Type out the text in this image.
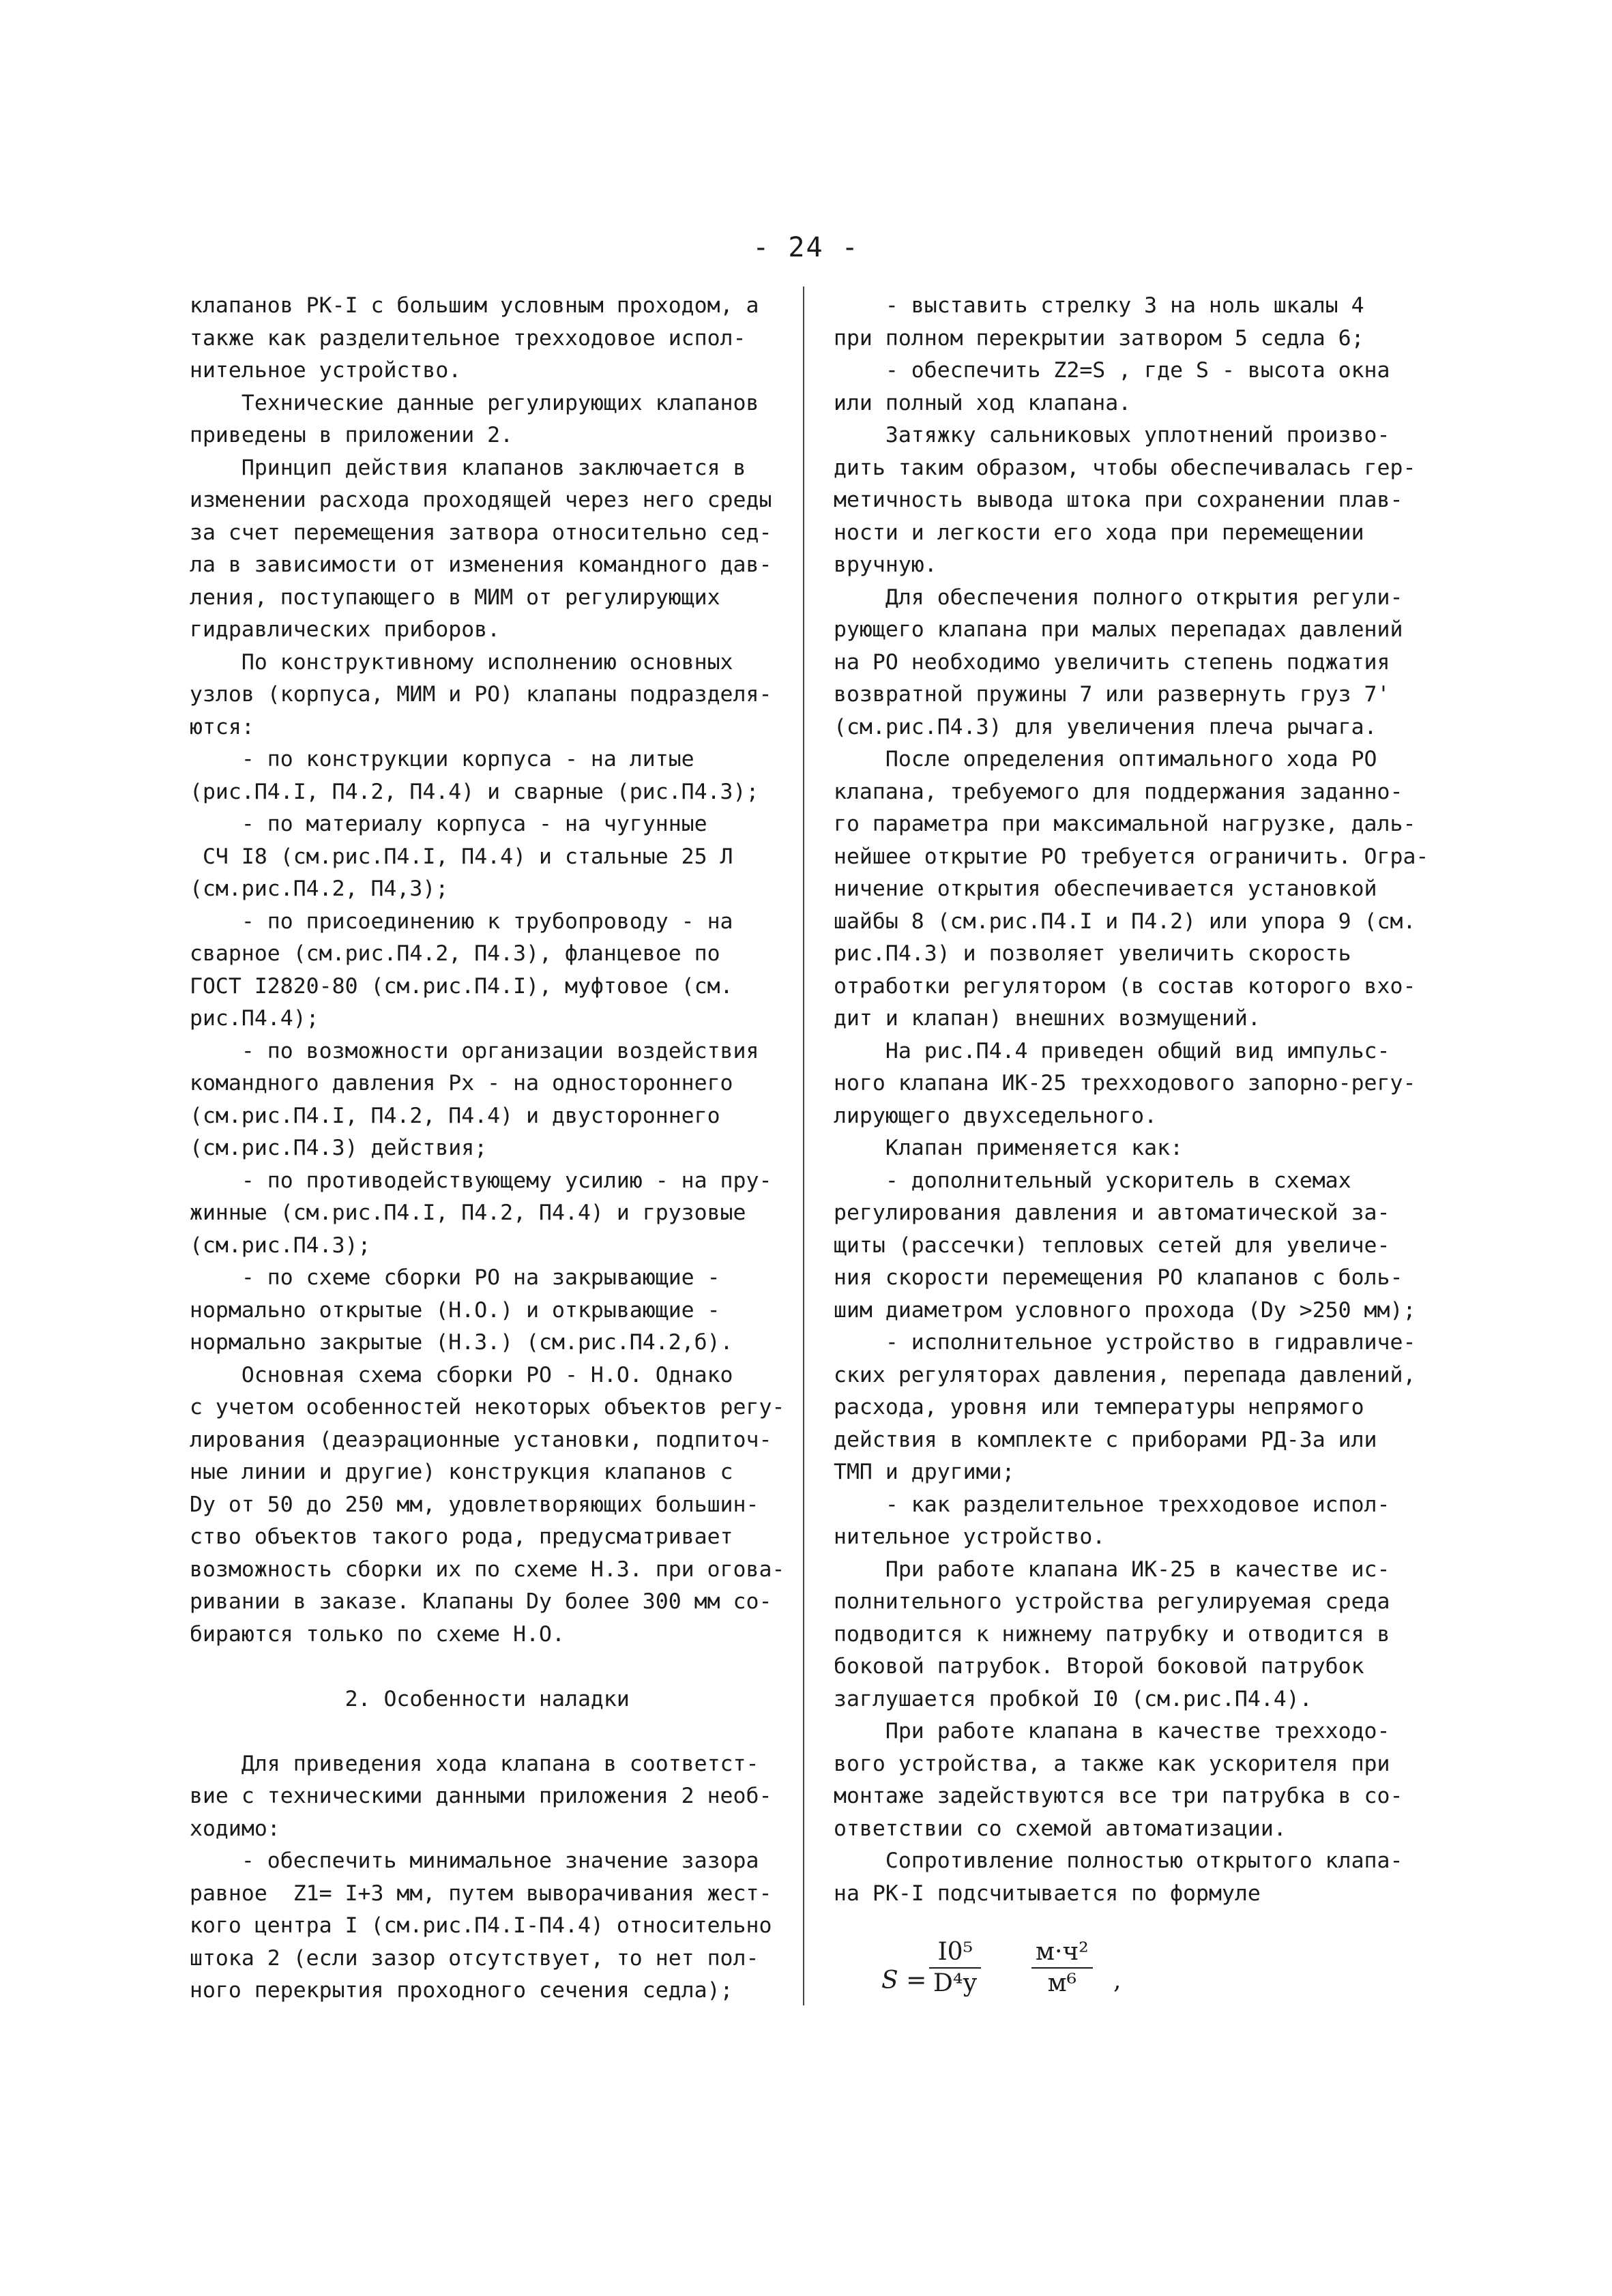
- 24 -
клапанов РК-I с большим условным проходом, а
также как разделительное трехходовое испол-
нительное устройство.
Технические данные регулирующих клапанов
приведены в приложении 2.
Принцип действия клапанов заключается в
изменении расхода проходящей через него среды
за счет перемещения затвора относительно сед-
ла в зависимости от изменения командного дав-
ления, поступающего в МИМ от регулирующих
гидравлических приборов.
По конструктивному исполнению основных
узлов (корпуса, МИМ и РО) клапаны подразделя-
ются:
- по конструкции корпуса - на литые
(рис.П4.I, П4.2, П4.4) и сварные (рис.П4.3);
- по материалу корпуса - на чугунные
СЧ I8 (см.рис.П4.I, П4.4) и стальные 25 Л
(см.рис.П4.2, П4,3);
- по присоединению к трубопроводу - на
сварное (см.рис.П4.2, П4.3), фланцевое по
ГОСТ I2820-80 (см.рис.П4.I), муфтовое (см.
рис.П4.4);
- по возможности организации воздействия
командного давления Px - на одностороннего
(см.рис.П4.I, П4.2, П4.4) и двустороннего
(см.рис.П4.3) действия;
- по противодействующему усилию - на пру-
жинные (см.рис.П4.I, П4.2, П4.4) и грузовые
(см.рис.П4.3);
- по схеме сборки РО на закрывающие -
нормально открытые (Н.О.) и открывающие -
нормально закрытые (Н.З.) (см.рис.П4.2,б).
Основная схема сборки РО - Н.О. Однако
с учетом особенностей некоторых объектов регу-
лирования (деаэрационные установки, подпиточ-
ные линии и другие) конструкция клапанов с
Dу от 50 до 250 мм, удовлетворяющих большин-
ство объектов такого рода, предусматривает
возможность сборки их по схеме Н.З. при огова-
ривании в заказе. Клапаны Dу более 300 мм со-
бираются только по схеме Н.О.
2. Особенности наладки
Для приведения хода клапана в соответст-
вие с техническими данными приложения 2 необ-
ходимо:
- обеспечить минимальное значение зазора
равное  Z1= I+3 мм, путем выворачивания жест-
кого центра I (см.рис.П4.I-П4.4) относительно
штока 2 (если зазор отсутствует, то нет пол-
ного перекрытия проходного сечения седла);
- выставить стрелку 3 на ноль шкалы 4
при полном перекрытии затвором 5 седла 6;
- обеспечить Z2=S , где S - высота окна
или полный ход клапана.
Затяжку сальниковых уплотнений произво-
дить таким образом, чтобы обеспечивалась гер-
метичность вывода штока при сохранении плав-
ности и легкости его хода при перемещении
вручную.
Для обеспечения полного открытия регули-
рующего клапана при малых перепадах давлений
на РО необходимо увеличить степень поджатия
возвратной пружины 7 или развернуть груз 7'
(см.рис.П4.3) для увеличения плеча рычага.
После определения оптимального хода РО
клапана, требуемого для поддержания заданно-
го параметра при максимальной нагрузке, даль-
нейшее открытие РО требуется ограничить. Огра-
ничение открытия обеспечивается установкой
шайбы 8 (см.рис.П4.I и П4.2) или упора 9 (см.
рис.П4.3) и позволяет увеличить скорость
отработки регулятором (в состав которого вхо-
дит и клапан) внешних возмущений.
На рис.П4.4 приведен общий вид импульс-
ного клапана ИК-25 трехходового запорно-регу-
лирующего двухседельного.
Клапан применяется как:
- дополнительный ускоритель в схемах
регулирования давления и автоматической за-
щиты (рассечки) тепловых сетей для увеличе-
ния скорости перемещения РО клапанов с боль-
шим диаметром условного прохода (Dу >250 мм);
- исполнительное устройство в гидравличе-
ских регуляторах давления, перепада давлений,
расхода, уровня или температуры непрямого
действия в комплекте с приборами РД-3а или
ТМП и другими;
- как разделительное трехходовое испол-
нительное устройство.
При работе клапана ИК-25 в качестве ис-
полнительного устройства регулируемая среда
подводится к нижнему патрубку и отводится в
боковой патрубок. Второй боковой патрубок
заглушается пробкой I0 (см.рис.П4.4).
При работе клапана в качестве трехходо-
вого устройства, а также как ускорителя при
монтаже задействуются все три патрубка в со-
ответствии со схемой автоматизации.
Сопротивление полностью открытого клапа-
на РК-I подсчитывается по формуле
S =
I0⁵
D⁴у
м·ч²
м⁶ ,
